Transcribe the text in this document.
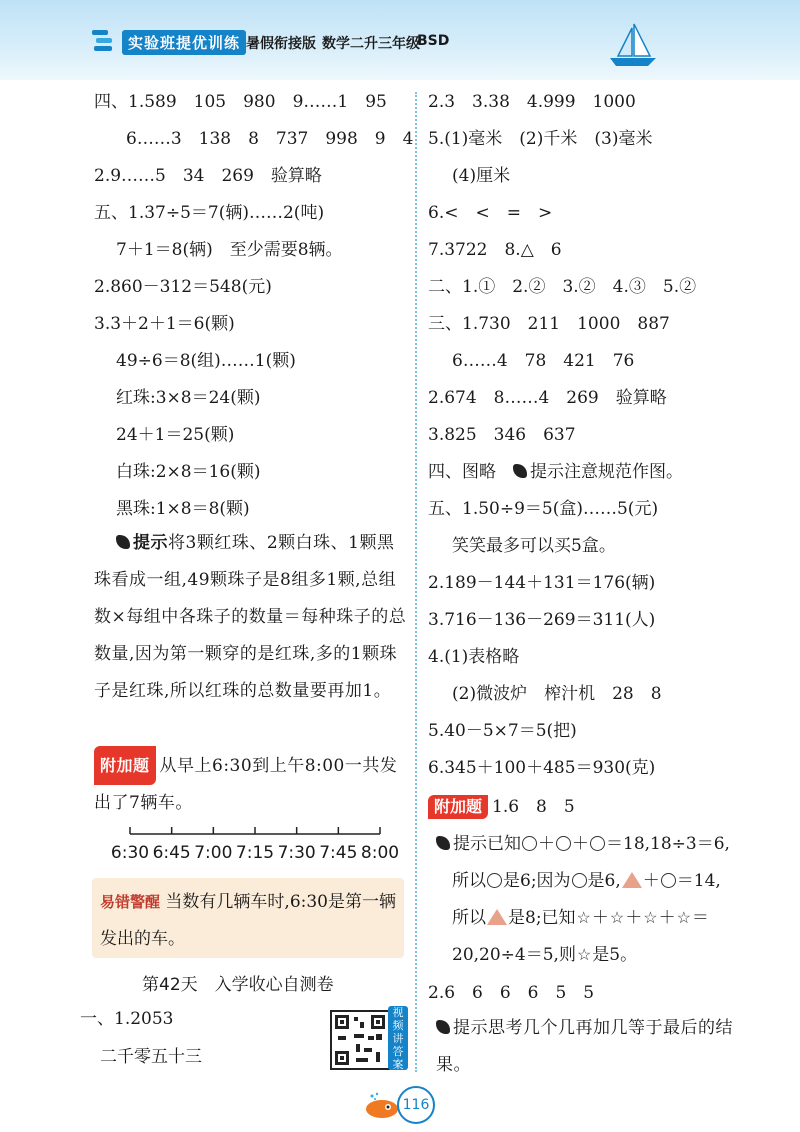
实验班提优训练 暑假衔接版 数学二升三年级
BSD
四、1.589　105　980　9……1　95
6……3　138　8　737　998　9　4
2.9……5　34　269　验算略
五、1.37÷5＝7(辆)……2(吨)
7＋1＝8(辆)　至少需要8辆。
2.860－312＝548(元)
3.3＋2＋1＝6(颗)
49÷6＝8(组)……1(颗)
红珠:3×8＝24(颗)
24＋1＝25(颗)
白珠:2×8＝16(颗)
黑珠:1×8＝8(颗)
提示将3颗红珠、2颗白珠、1颗黑珠看成一组,49颗珠子是8组多1颗,总组数×每组中各珠子的数量＝每种珠子的总数量,因为第一颗穿的是红珠,多的1颗珠子是红珠,所以红珠的总数量要再加1。
附加题 从早上6:30到上午8:00一共发出了7辆车。
6:30 6:45 7:00 7:15 7:30 7:45 8:00
易错警醒 当数有几辆车时,6:30是第一辆发出的车。
第42天　入学收心自测卷
一、1.2053
二千零五十三
视频讲答案
2.3　3.38　4.999　1000
5.(1)毫米　(2)千米　(3)毫米
(4)厘米
6.<　<　=　>
7.3722　8.△　6
二、1.①　2.②　3.②　4.③　5.②
三、1.730　211　1000　887
6……4　78　421　76
2.674　8……4　269　验算略
3.825　346　637
四、图略　 提示注意规范作图。
五、1.50÷9＝5(盒)……5(元)
笑笑最多可以买5盒。
2.189－144＋131＝176(辆)
3.716－136－269＝311(人)
4.(1)表格略
(2)微波炉　榨汁机　28　8
5.40－5×7＝5(把)
6.345＋100＋485＝930(克)
附加题 1.6　8　5
提示已知 ＋ ＋ ＝18,18÷3＝6,
所以 是6;因为 是6, ＋ ＝14,
所以 是8;已知☆＋☆＋☆＋☆＝
20,20÷4＝5,则☆是5。
2.6　6　6　6　5　5
提示思考几个几再加几等于最后的结果。
116
